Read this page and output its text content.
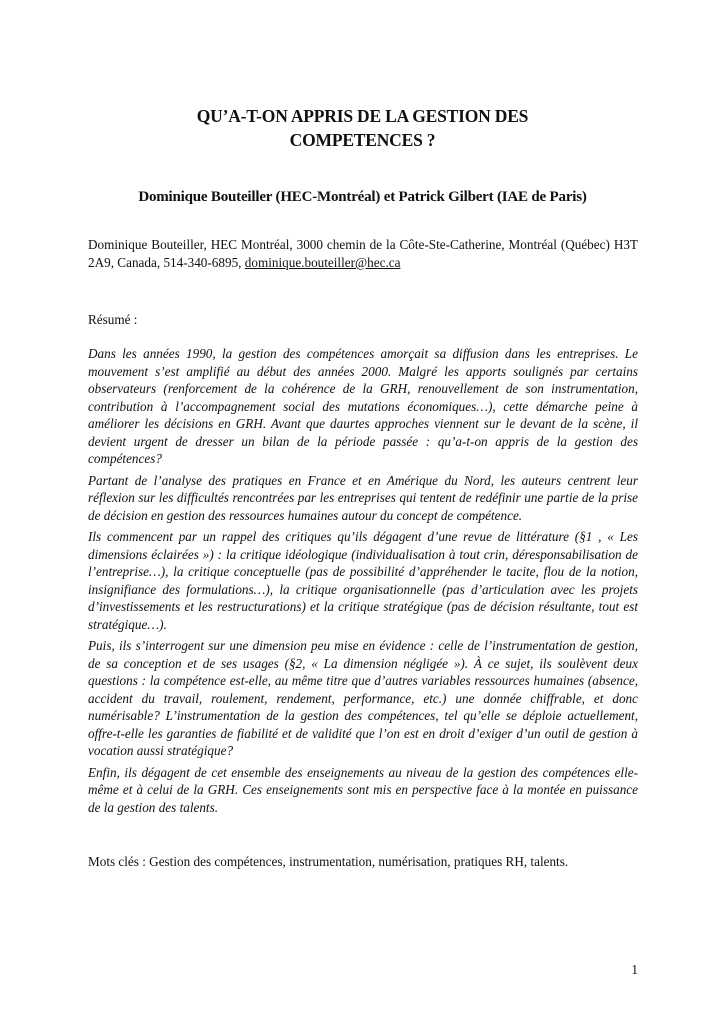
QU’A-T-ON APPRIS DE LA GESTION DES
COMPETENCES ?
Dominique Bouteiller (HEC-Montréal) et Patrick Gilbert (IAE de Paris)
Dominique Bouteiller, HEC Montréal, 3000 chemin de la Côte-Ste-Catherine, Montréal (Québec) H3T 2A9, Canada, 514-340-6895, dominique.bouteiller@hec.ca
Résumé :

Dans les années 1990, la gestion des compétences amorçait sa diffusion dans les entreprises. Le mouvement s’est amplifié au début des années 2000. Malgré les apports soulignés par certains observateurs (renforcement de la cohérence de la GRH, renouvellement de son instrumentation, contribution à l’accompagnement social des mutations économiques…), cette démarche peine à améliorer les décisions en GRH. Avant que daurtes approches viennent sur le devant de la scène, il devient urgent de dresser un bilan de la période passée : qu’a-t-on appris de la gestion des compétences?

Partant de l’analyse des pratiques en France et en Amérique du Nord, les auteurs centrent leur réflexion sur les difficultés rencontrées par les entreprises qui tentent de redéfinir une partie de la prise de décision en gestion des ressources humaines autour du concept de compétence.

Ils commencent par un rappel des critiques qu’ils dégagent d’une revue de littérature (§1 , « Les dimensions éclairées ») : la critique idéologique (individualisation à tout crin, déresponsabilisation de l’entreprise…), la critique conceptuelle (pas de possibilité d’appréhender le tacite, flou de la notion, insignifiance des formulations…), la critique organisationnelle (pas d’articulation avec les projets d’investissements et les restructurations) et la critique stratégique (pas de décision résultante, tout est stratégique…).

Puis, ils s’interrogent sur une dimension peu mise en évidence : celle de l’instrumentation de gestion, de sa conception et de ses usages (§2, « La dimension négligée »). À ce sujet, ils soulèvent deux questions : la compétence est-elle, au même titre que d’autres variables ressources humaines (absence, accident du travail, roulement, rendement, performance, etc.) une donnée chiffrable, et donc numérisable? L’instrumentation de la gestion des compétences, tel qu’elle se déploie actuellement, offre-t-elle les garanties de fiabilité et de validité que l’on est en droit d’exiger d’un outil de gestion à vocation aussi stratégique?

Enfin, ils dégagent de cet ensemble des enseignements au niveau de la gestion des compétences elle-même et à celui de la GRH. Ces enseignements sont mis en perspective face à la montée en puissance de la gestion des talents.

Mots clés : Gestion des compétences, instrumentation, numérisation, pratiques RH, talents.
1
